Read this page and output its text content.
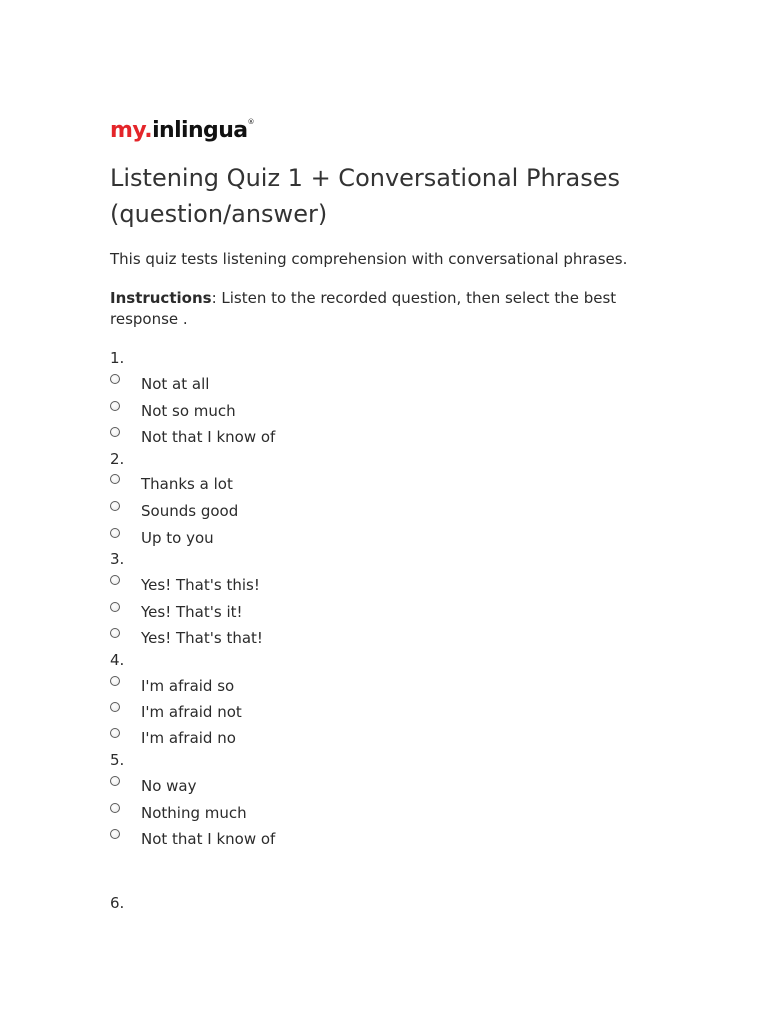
my.inlingua®
Listening Quiz 1 + Conversational Phrases (question/answer)
This quiz tests listening comprehension with conversational phrases.
Instructions: Listen to the recorded question, then select the best response .
1.
Not at all
Not so much
Not that I know of
2.
Thanks a lot
Sounds good
Up to you
3.
Yes! That's this!
Yes! That's it!
Yes! That's that!
4.
I'm afraid so
I'm afraid not
I'm afraid no
5.
No way
Nothing much
Not that I know of
6.
